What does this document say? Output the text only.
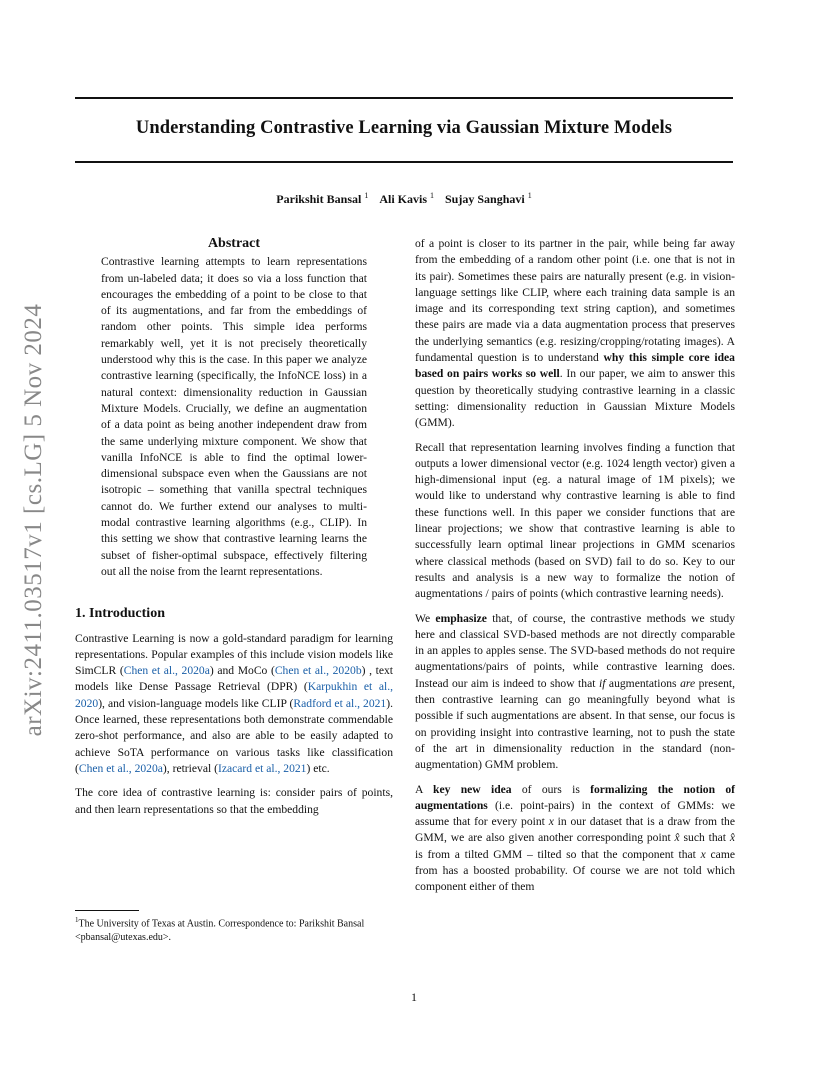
arXiv:2411.03517v1 [cs.LG] 5 Nov 2024
Understanding Contrastive Learning via Gaussian Mixture Models
Parikshit Bansal $^1$ Ali Kavis $^1$ Sujay Sanghavi $^1$
Abstract

Contrastive learning attempts to learn representations from un-labeled data; it does so via a loss function that encourages the embedding of a point to be close to that of its augmentations, and far from the embeddings of random other points. This simple idea performs remarkably well, yet it is not precisely theoretically understood why this is the case. In this paper we analyze contrastive learning (specifically, the InfoNCE loss) in a natural context: dimensionality reduction in Gaussian Mixture Models. Crucially, we define an augmentation of a data point as being another independent draw from the same underlying mixture component. We show that vanilla InfoNCE is able to find the optimal lower-dimensional subspace even when the Gaussians are not isotropic – something that vanilla spectral techniques cannot do. We further extend our analyses to multi-modal contrastive learning algorithms (e.g., CLIP). In this setting we show that contrastive learning learns the subset of fisher-optimal subspace, effectively filtering out all the noise from the learnt representations.

1. Introduction

Contrastive Learning is now a gold-standard paradigm for learning representations. Popular examples of this include vision models like SimCLR (Chen et al., 2020a) and MoCo (Chen et al., 2020b) , text models like Dense Passage Retrieval (DPR) (Karpukhin et al., 2020), and vision-language models like CLIP (Radford et al., 2021). Once learned, these representations both demonstrate commendable zero-shot performance, and also are able to be easily adapted to achieve SoTA performance on various tasks like classification (Chen et al., 2020a), retrieval (Izacard et al., 2021) etc.

The core idea of contrastive learning is: consider pairs of points, and then learn representations so that the embedding

$^1$The University of Texas at Austin. Correspondence to: Parikshit Bansal <pbansal@utexas.edu>.

of a point is closer to its partner in the pair, while being far away from the embedding of a random other point (i.e. one that is not in its pair). Sometimes these pairs are naturally present (e.g. in vision-language settings like CLIP, where each training data sample is an image and its corresponding text string caption), and sometimes these pairs are made via a data augmentation process that preserves the underlying semantics (e.g. resizing/cropping/rotating images). A fundamental question is to understand why this simple core idea based on pairs works so well. In our paper, we aim to answer this question by theoretically studying contrastive learning in a classic setting: dimensionality reduction in Gaussian Mixture Models (GMM).

Recall that representation learning involves finding a function that outputs a lower dimensional vector (e.g. 1024 length vector) given a high-dimensional input (eg. a natural image of 1M pixels); we would like to understand why contrastive learning is able to find these functions well. In this paper we consider functions that are linear projections; we show that contrastive learning is able to successfully learn optimal linear projections in GMM scenarios where classical methods (based on SVD) fail to do so. Key to our results and analysis is a new way to formalize the notion of augmentations / pairs of points (which contrastive learning needs).

We emphasize that, of course, the contrastive methods we study here and classical SVD-based methods are not directly comparable in an apples to apples sense. The SVD-based methods do not require augmentations/pairs of points, while contrastive learning does. Instead our aim is indeed to show that if augmentations are present, then contrastive learning can go meaningfully beyond what is possible if such augmentations are absent. In that sense, our focus is on providing insight into contrastive learning, not to push the state of the art in dimensionality reduction in the standard (non-augmentation) GMM problem.

A key new idea of ours is formalizing the notion of augmentations (i.e. point-pairs) in the context of GMMs: we assume that for every point x in our dataset that is a draw from the GMM, we are also given another corresponding point x̂ such that x̂ is from a tilted GMM – tilted so that the component that x came from has a boosted probability. Of course we are not told which component either of them

1
